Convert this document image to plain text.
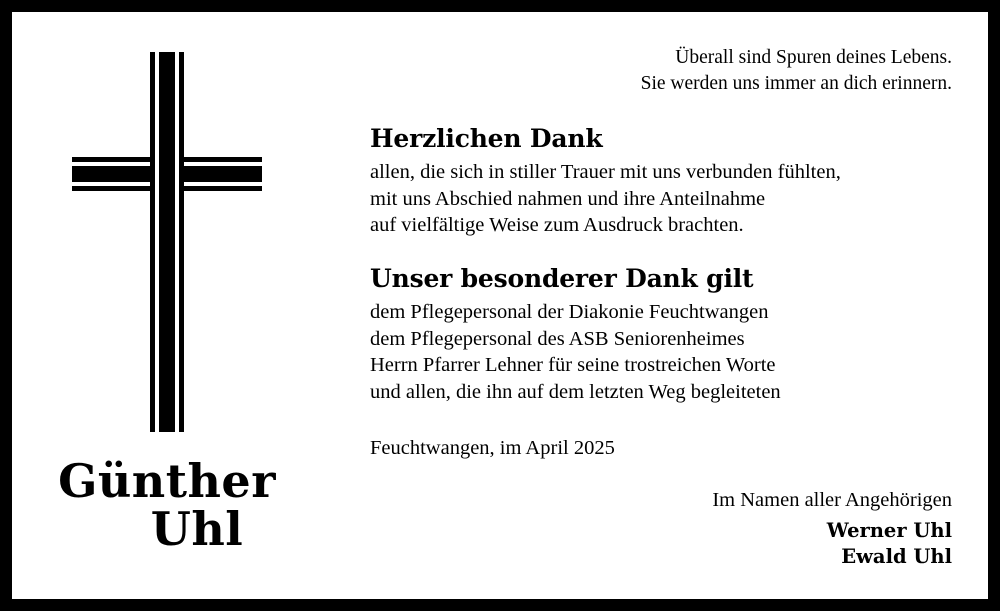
Günther
Uhl
Überall sind Spuren deines Lebens.
Sie werden uns immer an dich erinnern.
Herzlichen Dank

allen, die sich in stiller Trauer mit uns verbunden fühlten,
mit uns Abschied nahmen und ihre Anteilnahme
auf vielfältige Weise zum Ausdruck brachten.

Unser besonderer Dank gilt

dem Pflegepersonal der Diakonie Feuchtwangen
dem Pflegepersonal des ASB Seniorenheimes
Herrn Pfarrer Lehner für seine trostreichen Worte
und allen, die ihn auf dem letzten Weg begleiteten

Feuchtwangen, im April 2025
Im Namen aller Angehörigen
Werner Uhl
Ewald Uhl
